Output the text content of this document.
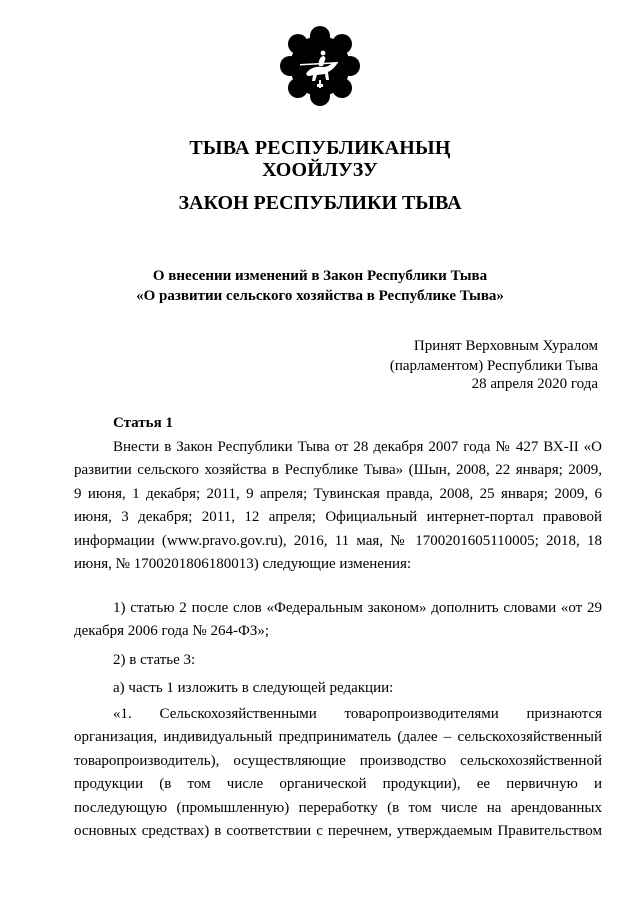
ТЫВА РЕСПУБЛИКАНЫҢ
ХООЙЛУЗУ
ЗАКОН РЕСПУБЛИКИ ТЫВА
О внесении изменений в Закон Республики Тыва
«О развитии сельского хозяйства в Республике Тыва»
Принят Верховным Хуралом
(парламентом) Республики Тыва
28 апреля 2020 года
Статья 1
Внести в Закон Республики Тыва от 28 декабря 2007 года № 427 ВХ-II «О
развитии сельского хозяйства в Республике Тыва» (Шын, 2008, 22 января; 2009,
9 июня, 1 декабря; 2011, 9 апреля; Тувинская правда, 2008, 25 января; 2009, 6
июня, 3 декабря; 2011, 12 апреля; Официальный интернет-портал правовой
информации (www.pravo.gov.ru), 2016, 11 мая, № 1700201605110005; 2018, 18
июня, № 1700201806180013) следующие изменения:
1) статью 2 после слов «Федеральным законом» дополнить словами «от 29
декабря 2006 года № 264-ФЗ»;
2) в статье 3:
а) часть 1 изложить в следующей редакции:
«1. Сельскохозяйственными товаропроизводителями признаются
организация, индивидуальный предприниматель (далее – сельскохозяйственный
товаропроизводитель), осуществляющие производство сельскохозяйственной
продукции (в том числе органической продукции), ее первичную и
последующую (промышленную) переработку (в том числе на арендованных
основных средствах) в соответствии с перечнем, утверждаемым Правительством
